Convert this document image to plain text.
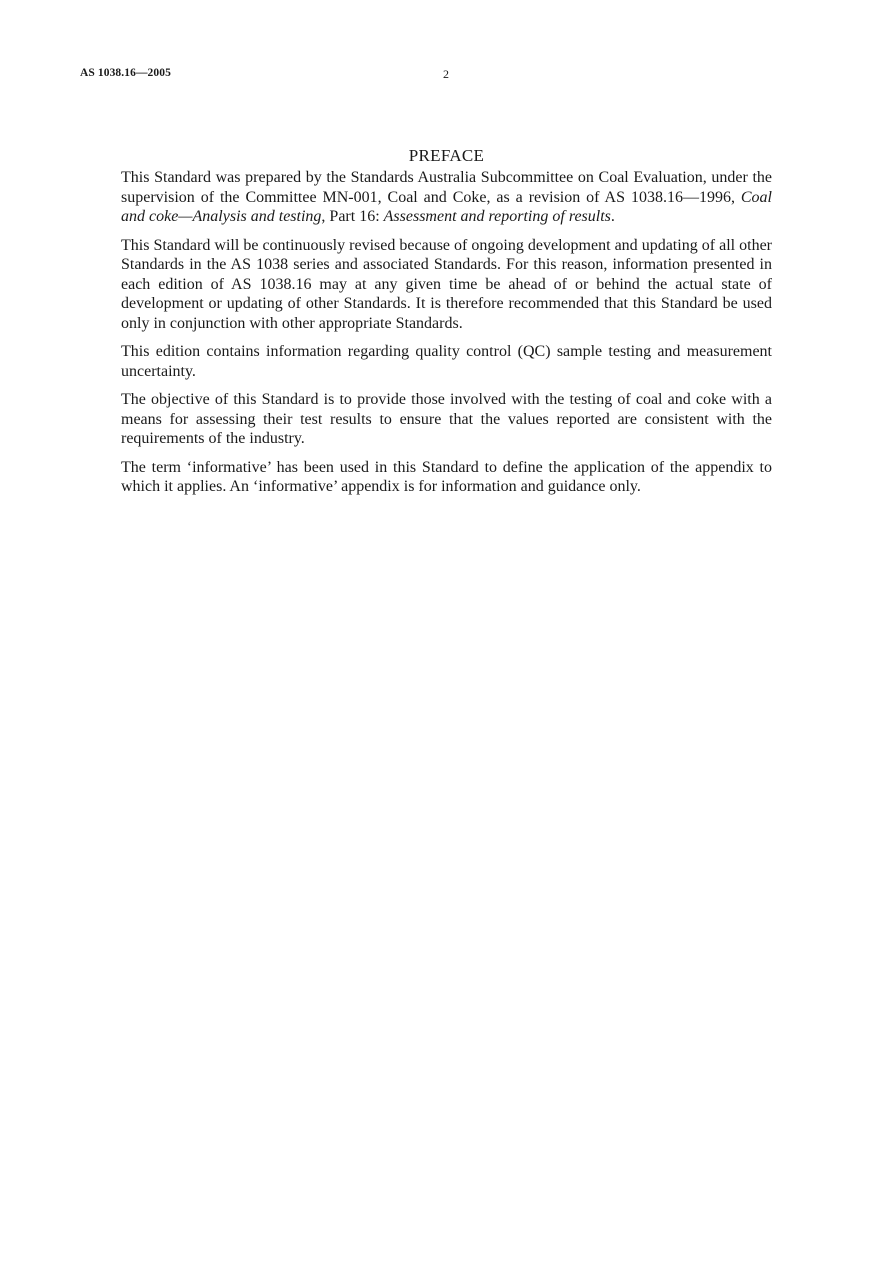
AS 1038.16—2005	2
PREFACE

This Standard was prepared by the Standards Australia Subcommittee on Coal Evaluation, under the supervision of the Committee MN-001, Coal and Coke, as a revision of AS 1038.16—1996, Coal and coke—Analysis and testing, Part 16: Assessment and reporting of results.

This Standard will be continuously revised because of ongoing development and updating of all other Standards in the AS 1038 series and associated Standards. For this reason, information presented in each edition of AS 1038.16 may at any given time be ahead of or behind the actual state of development or updating of other Standards. It is therefore recommended that this Standard be used only in conjunction with other appropriate Standards.

This edition contains information regarding quality control (QC) sample testing and measurement uncertainty.

The objective of this Standard is to provide those involved with the testing of coal and coke with a means for assessing their test results to ensure that the values reported are consistent with the requirements of the industry.

The term ‘informative’ has been used in this Standard to define the application of the appendix to which it applies. An ‘informative’ appendix is for information and guidance only.
